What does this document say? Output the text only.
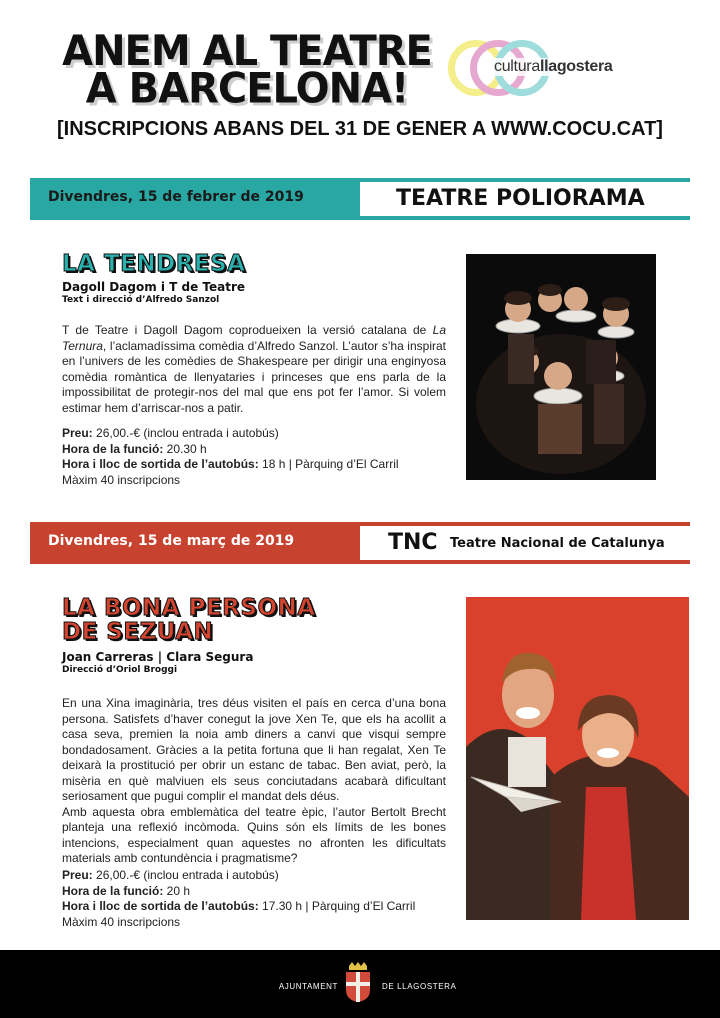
ANEM AL TEATRE
A BARCELONA!	culturallagostera
[INSCRIPCIONS ABANS DEL 31 DE GENER A WWW.COCU.CAT]
Divendres, 15 de febrer de 2019	TEATRE POLIORAMA
LA TENDRESA
Dagoll Dagom i T de Teatre
Text i direcció d’Alfredo Sanzol
T de Teatre i Dagoll Dagom coprodueixen la versió catalana de La Ternura, l’aclamadíssima comèdia d’Alfredo Sanzol. L’autor s’ha inspirat en l’univers de les comèdies de Shakespeare per dirigir una enginyosa comèdia romàntica de llenyataries i princeses que ens parla de la impossibilitat de protegir-nos del mal que ens pot fer l’amor. Si volem estimar hem d’arriscar-nos a patir.
Preu: 26,00.-€ (inclou entrada i autobús)
Hora de la funció: 20.30 h
Hora i lloc de sortida de l’autobús: 18 h | Pàrquing d’El Carril
Màxim 40 inscripcions
Divendres, 15 de març de 2019	TNC Teatre Nacional de Catalunya
LA BONA PERSONA
DE SEZUAN
Joan Carreras | Clara Segura
Direcció d’Oriol Broggi
En una Xina imaginària, tres déus visiten el país en cerca d’una bona persona. Satisfets d’haver conegut la jove Xen Te, que els ha acollit a casa seva, premien la noia amb diners a canvi que visqui sempre bondadosament. Gràcies a la petita fortuna que li han regalat, Xen Te deixarà la prostitució per obrir un estanc de tabac. Ben aviat, però, la misèria en què malviuen els seus conciutadans acabarà dificultant seriosament que pugui complir el mandat dels déus.
Amb aquesta obra emblemàtica del teatre èpic, l’autor Bertolt Brecht planteja una reflexió incòmoda. Quins són els límits de les bones intencions, especialment quan aquestes no afronten les dificultats materials amb contundència i pragmatisme?
Preu: 26,00.-€ (inclou entrada i autobús)
Hora de la funció: 20 h
Hora i lloc de sortida de l’autobús: 17.30 h | Pàrquing d’El Carril
Màxim 40 inscripcions
AJUNTAMENT	DE LLAGOSTERA
